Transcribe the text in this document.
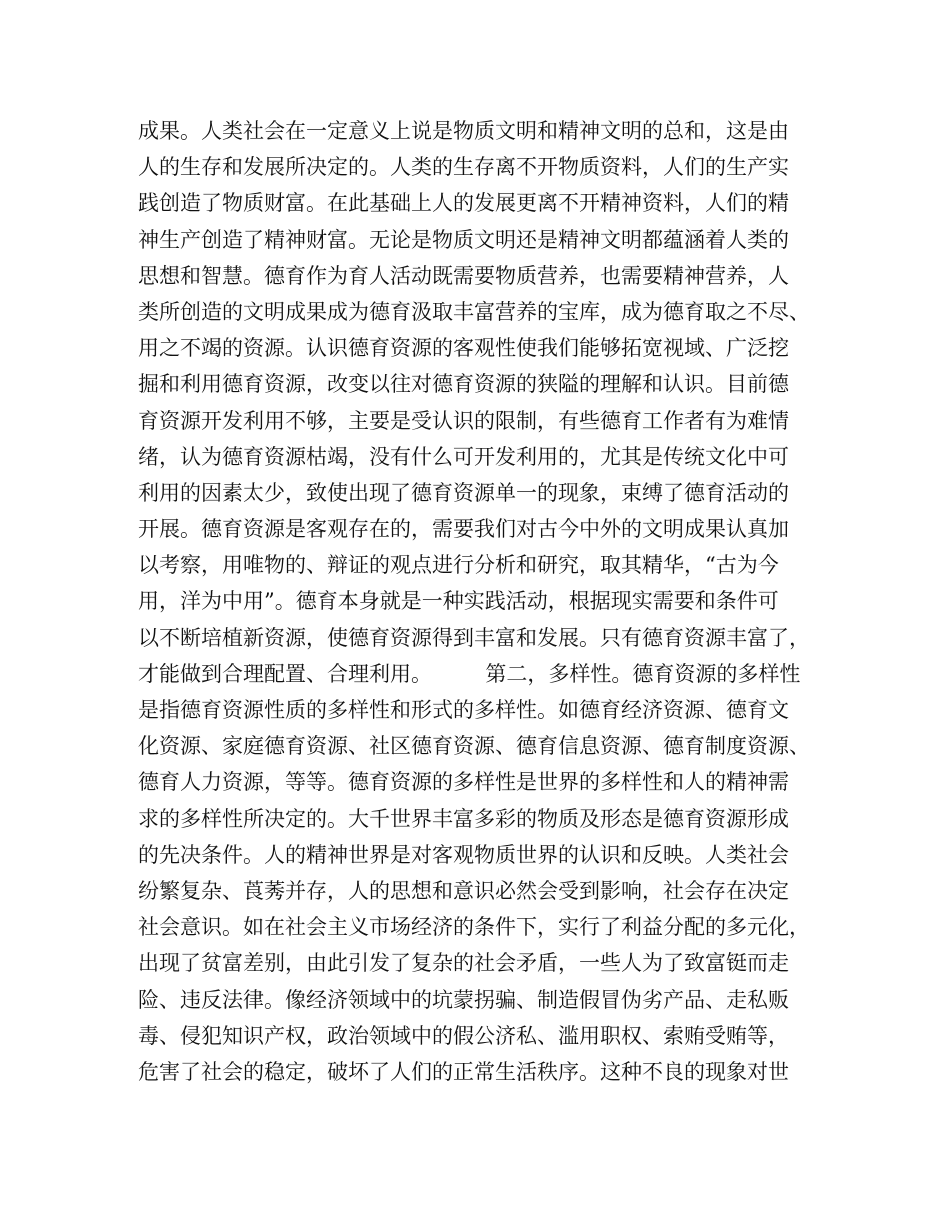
成果。人类社会在一定意义上说是物质文明和精神文明的总和，这是由
人的生存和发展所决定的。人类的生存离不开物质资料，人们的生产实
践创造了物质财富。在此基础上人的发展更离不开精神资料，人们的精
神生产创造了精神财富。无论是物质文明还是精神文明都蕴涵着人类的
思想和智慧。德育作为育人活动既需要物质营养，也需要精神营养，人
类所创造的文明成果成为德育汲取丰富营养的宝库，成为德育取之不尽、
用之不竭的资源。认识德育资源的客观性使我们能够拓宽视域、广泛挖
掘和利用德育资源，改变以往对德育资源的狭隘的理解和认识。目前德
育资源开发利用不够，主要是受认识的限制，有些德育工作者有为难情
绪，认为德育资源枯竭，没有什么可开发利用的，尤其是传统文化中可
利用的因素太少，致使出现了德育资源单一的现象，束缚了德育活动的
开展。德育资源是客观存在的，需要我们对古今中外的文明成果认真加
以考察，用唯物的、辩证的观点进行分析和研究，取其精华，“古为今
用，洋为中用”。德育本身就是一种实践活动，根据现实需要和条件可
以不断培植新资源，使德育资源得到丰富和发展。只有德育资源丰富了，
才能做到合理配置、合理利用。        第二，多样性。德育资源的多样性
是指德育资源性质的多样性和形式的多样性。如德育经济资源、德育文
化资源、家庭德育资源、社区德育资源、德育信息资源、德育制度资源、
德育人力资源，等等。德育资源的多样性是世界的多样性和人的精神需
求的多样性所决定的。大千世界丰富多彩的物质及形态是德育资源形成
的先决条件。人的精神世界是对客观物质世界的认识和反映。人类社会
纷繁复杂、莨莠并存，人的思想和意识必然会受到影响，社会存在决定
社会意识。如在社会主义市场经济的条件下，实行了利益分配的多元化，
出现了贫富差别，由此引发了复杂的社会矛盾，一些人为了致富铤而走
险、违反法律。像经济领域中的坑蒙拐骗、制造假冒伪劣产品、走私贩
毒、侵犯知识产权，政治领域中的假公济私、滥用职权、索贿受贿等，
危害了社会的稳定，破坏了人们的正常生活秩序。这种不良的现象对世
